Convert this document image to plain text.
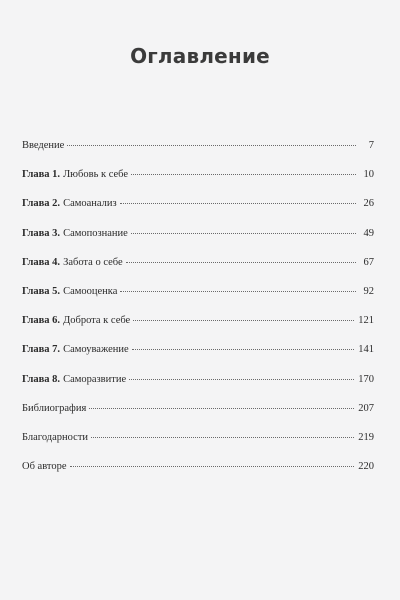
Оглавление
Введение	7
Глава 1. Любовь к себе	10
Глава 2. Самоанализ	26
Глава 3. Самопознание	49
Глава 4. Забота о себе	67
Глава 5. Самооценка	92
Глава 6. Доброта к себе	121
Глава 7. Самоуважение	141
Глава 8. Саморазвитие	170
Библиография	207
Благодарности	219
Об авторе	220
